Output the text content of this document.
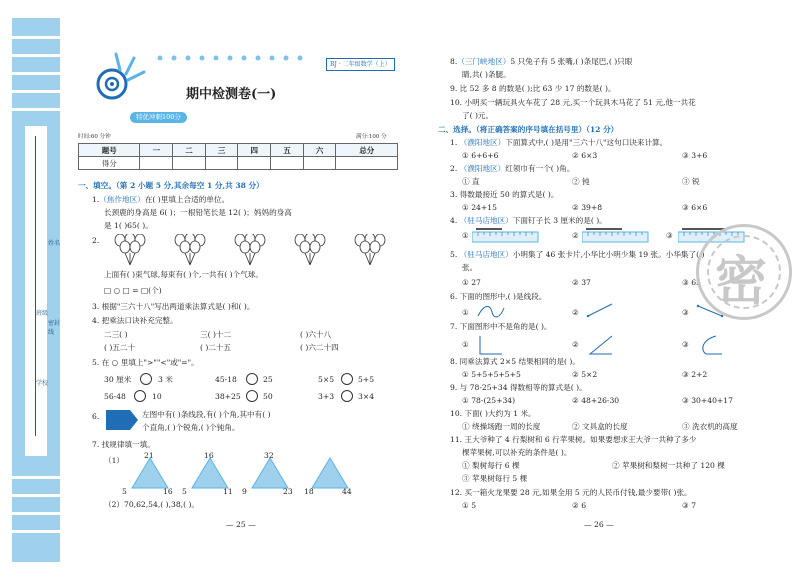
姓名
班级
学校
密封线
RJ · 二年级数学（上）
期中检测卷(一)
特优冲刺100分
时间:60 分钟	满分:100 分
题号	一	二	三	四	五	六	总分
得分							
一、填空。（第 2 小题 5 分,其余每空 1 分,共 38 分）
1.（焦作地区）在( )里填上合适的单位。
长颈鹿的身高是 6( )；一根铅笔长是 12( )；妈妈的身高
是 1( )65( )。
2.
上面有( )束气球,每束有( )个,一共有( )个气球。
□ ○ □ = □(个)
3. 根据"三六十八"写出两道乘法算式是( )和( )。
4. 把乘法口诀补充完整。
二三( )	三( )十二	( )六十八
( )五二十	( )二十五	( )六二十四
5. 在 ○ 里填上">""<"或"="。
30 厘米	3 米	45-18	25	5×5	5+5
56-48	10	38+25	50	3+3	3×4
6.	左图中有( )条线段,有( )个角,其中有( )
个直角,( )个锐角,( )个钝角。
7. 找规律填一填。
（1）
21
5	16
16
5	11
32
9	23 18	44
（2）70,62,54,( ),38,( )。
— 25 —
8.（三门峡地区）5 只兔子有 5 张嘴,( )条尾巴,( )只眼
睛,共( )条腿。
9. 比 52 多 8 的数是( );比 63 少 17 的数是( )。
10. 小明买一辆玩具火车花了 28 元,买一个玩具木马花了 51 元,他一共花
了( )元。
二、选择。（将正确答案的序号填在括号里）（12 分）
1. （濮阳地区）下面算式中,( )是用"三六十八"这句口诀来计算。
① 6+6+6	② 6×3	③ 3+6
2. （濮阳地区）红领巾有一个( )角。
① 直	② 钝	③ 锐
3. 得数最接近 50 的算式是( )。
① 24+15	② 39+8	③ 6×6
4. （驻马店地区）下面钉子长 3 厘米的是( )。
①	②	③
5. （驻马店地区）小明集了 46 张卡片,小华比小明少集 19 张。小华集了( )
张。
① 27	② 37	③ 65
6. 下面的图形中,( )是线段。
①	②	③
7. 下面图形中不是角的是( )。
①	②	③
8. 同乘法算式 2×5 结果相同的是( )。
① 5+5+5+5+5	② 5×2	③ 2+2
9. 与 78-25+34 得数相等的算式是( )。
① 78-(25+34)	② 48+26-30	③ 30+40+17
10. 下面( )大约为 1 米。
① 绕操场跑一周的长度	② 文具盒的长度	③ 洗衣机的高度
11. 王大爷种了 4 行梨树和 6 行苹果树。如果要想求王大爷一共种了多少
棵苹果树,可以补充的条件是( )。
① 梨树每行 6 棵	② 苹果树和梨树一共种了 120 棵
③ 苹果树每行 5 棵
12. 买一箱火龙果要 28 元,如果全用 5 元的人民币付钱,最少要带( )张。
① 5	② 6	③ 7
— 26 —
密
